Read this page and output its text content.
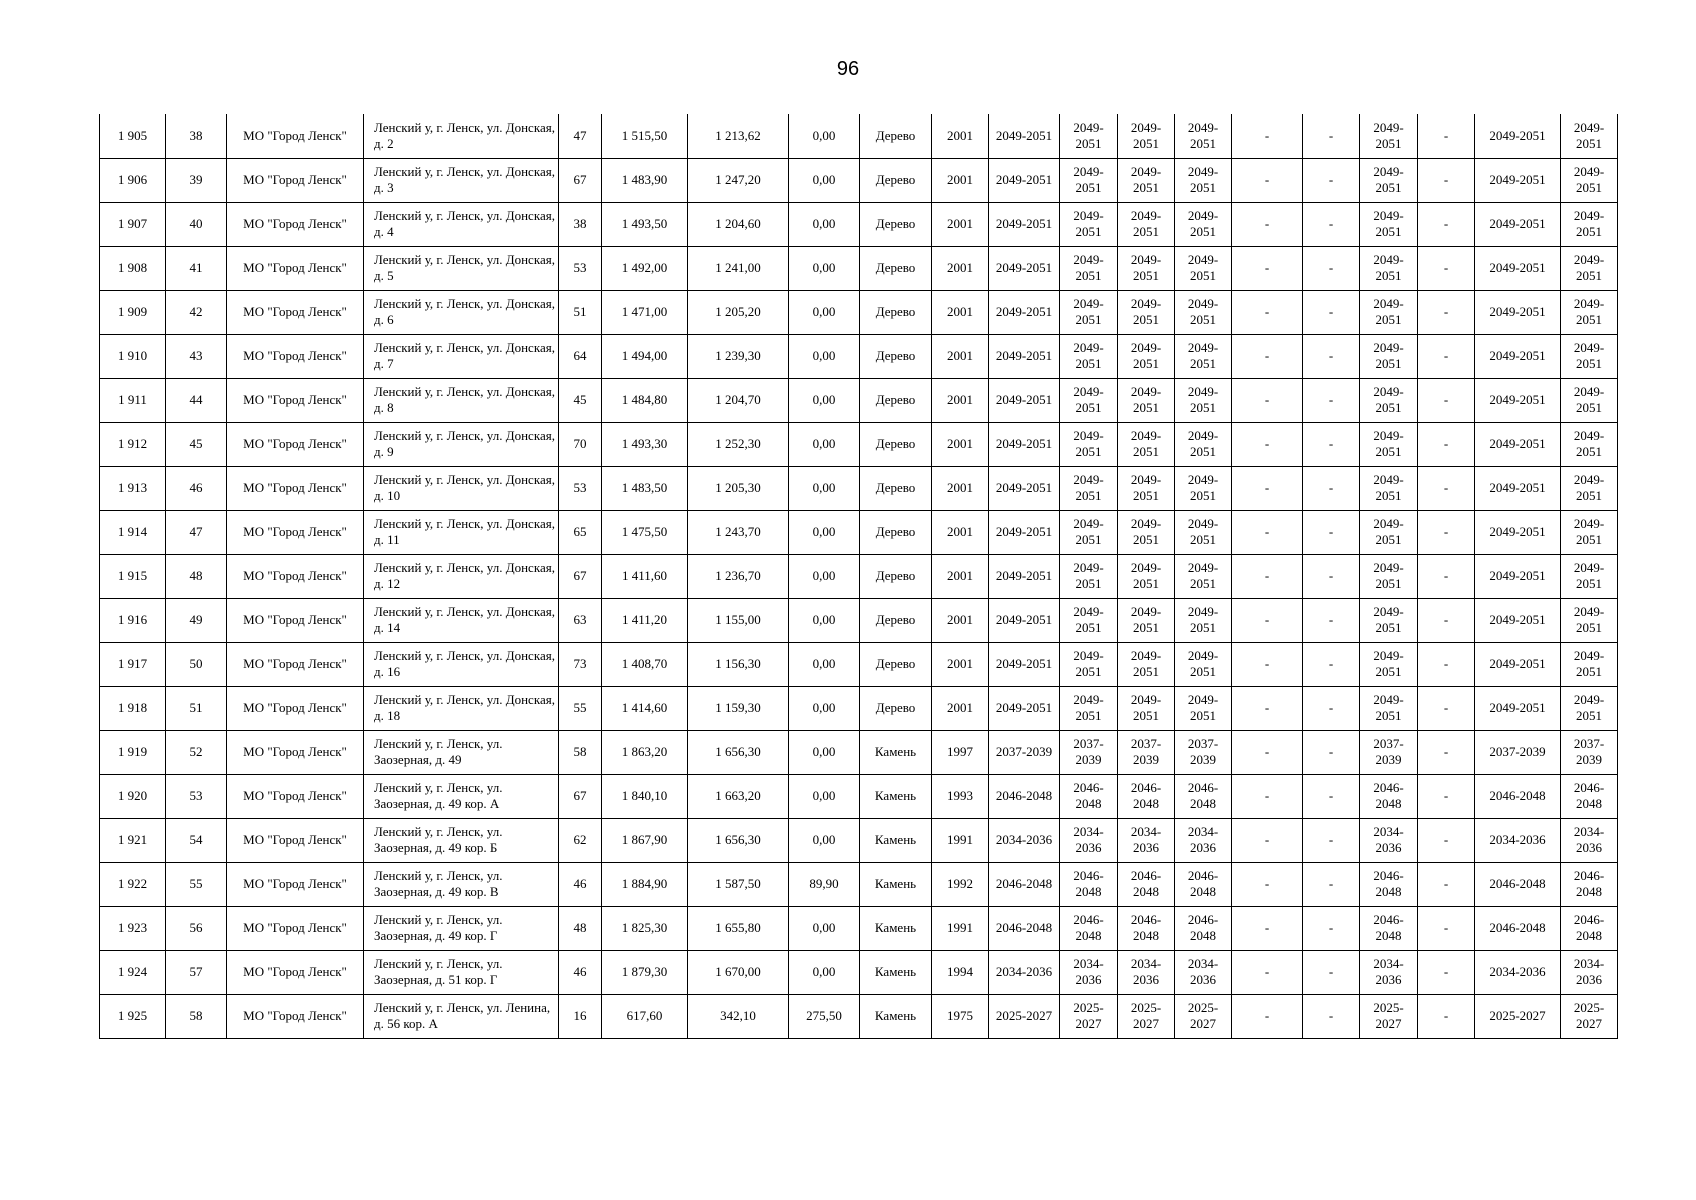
96
1 905	38	МО "Город Ленск"	Ленский у, г. Ленск, ул. Донская, д. 2	47	1 515,50	1 213,62	0,00	Дерево	2001	2049-2051	2049-2051	2049-2051	2049-2051	-	-	2049-2051	-	2049-2051	2049-2051
1 906	39	МО "Город Ленск"	Ленский у, г. Ленск, ул. Донская, д. 3	67	1 483,90	1 247,20	0,00	Дерево	2001	2049-2051	2049-2051	2049-2051	2049-2051	-	-	2049-2051	-	2049-2051	2049-2051
1 907	40	МО "Город Ленск"	Ленский у, г. Ленск, ул. Донская, д. 4	38	1 493,50	1 204,60	0,00	Дерево	2001	2049-2051	2049-2051	2049-2051	2049-2051	-	-	2049-2051	-	2049-2051	2049-2051
1 908	41	МО "Город Ленск"	Ленский у, г. Ленск, ул. Донская, д. 5	53	1 492,00	1 241,00	0,00	Дерево	2001	2049-2051	2049-2051	2049-2051	2049-2051	-	-	2049-2051	-	2049-2051	2049-2051
1 909	42	МО "Город Ленск"	Ленский у, г. Ленск, ул. Донская, д. 6	51	1 471,00	1 205,20	0,00	Дерево	2001	2049-2051	2049-2051	2049-2051	2049-2051	-	-	2049-2051	-	2049-2051	2049-2051
1 910	43	МО "Город Ленск"	Ленский у, г. Ленск, ул. Донская, д. 7	64	1 494,00	1 239,30	0,00	Дерево	2001	2049-2051	2049-2051	2049-2051	2049-2051	-	-	2049-2051	-	2049-2051	2049-2051
1 911	44	МО "Город Ленск"	Ленский у, г. Ленск, ул. Донская, д. 8	45	1 484,80	1 204,70	0,00	Дерево	2001	2049-2051	2049-2051	2049-2051	2049-2051	-	-	2049-2051	-	2049-2051	2049-2051
1 912	45	МО "Город Ленск"	Ленский у, г. Ленск, ул. Донская, д. 9	70	1 493,30	1 252,30	0,00	Дерево	2001	2049-2051	2049-2051	2049-2051	2049-2051	-	-	2049-2051	-	2049-2051	2049-2051
1 913	46	МО "Город Ленск"	Ленский у, г. Ленск, ул. Донская, д. 10	53	1 483,50	1 205,30	0,00	Дерево	2001	2049-2051	2049-2051	2049-2051	2049-2051	-	-	2049-2051	-	2049-2051	2049-2051
1 914	47	МО "Город Ленск"	Ленский у, г. Ленск, ул. Донская, д. 11	65	1 475,50	1 243,70	0,00	Дерево	2001	2049-2051	2049-2051	2049-2051	2049-2051	-	-	2049-2051	-	2049-2051	2049-2051
1 915	48	МО "Город Ленск"	Ленский у, г. Ленск, ул. Донская, д. 12	67	1 411,60	1 236,70	0,00	Дерево	2001	2049-2051	2049-2051	2049-2051	2049-2051	-	-	2049-2051	-	2049-2051	2049-2051
1 916	49	МО "Город Ленск"	Ленский у, г. Ленск, ул. Донская, д. 14	63	1 411,20	1 155,00	0,00	Дерево	2001	2049-2051	2049-2051	2049-2051	2049-2051	-	-	2049-2051	-	2049-2051	2049-2051
1 917	50	МО "Город Ленск"	Ленский у, г. Ленск, ул. Донская, д. 16	73	1 408,70	1 156,30	0,00	Дерево	2001	2049-2051	2049-2051	2049-2051	2049-2051	-	-	2049-2051	-	2049-2051	2049-2051
1 918	51	МО "Город Ленск"	Ленский у, г. Ленск, ул. Донская, д. 18	55	1 414,60	1 159,30	0,00	Дерево	2001	2049-2051	2049-2051	2049-2051	2049-2051	-	-	2049-2051	-	2049-2051	2049-2051
1 919	52	МО "Город Ленск"	Ленский у, г. Ленск, ул. Заозерная, д. 49	58	1 863,20	1 656,30	0,00	Камень	1997	2037-2039	2037-2039	2037-2039	2037-2039	-	-	2037-2039	-	2037-2039	2037-2039
1 920	53	МО "Город Ленск"	Ленский у, г. Ленск, ул. Заозерная, д. 49 кор. А	67	1 840,10	1 663,20	0,00	Камень	1993	2046-2048	2046-2048	2046-2048	2046-2048	-	-	2046-2048	-	2046-2048	2046-2048
1 921	54	МО "Город Ленск"	Ленский у, г. Ленск, ул. Заозерная, д. 49 кор. Б	62	1 867,90	1 656,30	0,00	Камень	1991	2034-2036	2034-2036	2034-2036	2034-2036	-	-	2034-2036	-	2034-2036	2034-2036
1 922	55	МО "Город Ленск"	Ленский у, г. Ленск, ул. Заозерная, д. 49 кор. В	46	1 884,90	1 587,50	89,90	Камень	1992	2046-2048	2046-2048	2046-2048	2046-2048	-	-	2046-2048	-	2046-2048	2046-2048
1 923	56	МО "Город Ленск"	Ленский у, г. Ленск, ул. Заозерная, д. 49 кор. Г	48	1 825,30	1 655,80	0,00	Камень	1991	2046-2048	2046-2048	2046-2048	2046-2048	-	-	2046-2048	-	2046-2048	2046-2048
1 924	57	МО "Город Ленск"	Ленский у, г. Ленск, ул. Заозерная, д. 51 кор. Г	46	1 879,30	1 670,00	0,00	Камень	1994	2034-2036	2034-2036	2034-2036	2034-2036	-	-	2034-2036	-	2034-2036	2034-2036
1 925	58	МО "Город Ленск"	Ленский у, г. Ленск, ул. Ленина, д. 56 кор. А	16	617,60	342,10	275,50	Камень	1975	2025-2027	2025-2027	2025-2027	2025-2027	-	-	2025-2027	-	2025-2027	2025-2027
